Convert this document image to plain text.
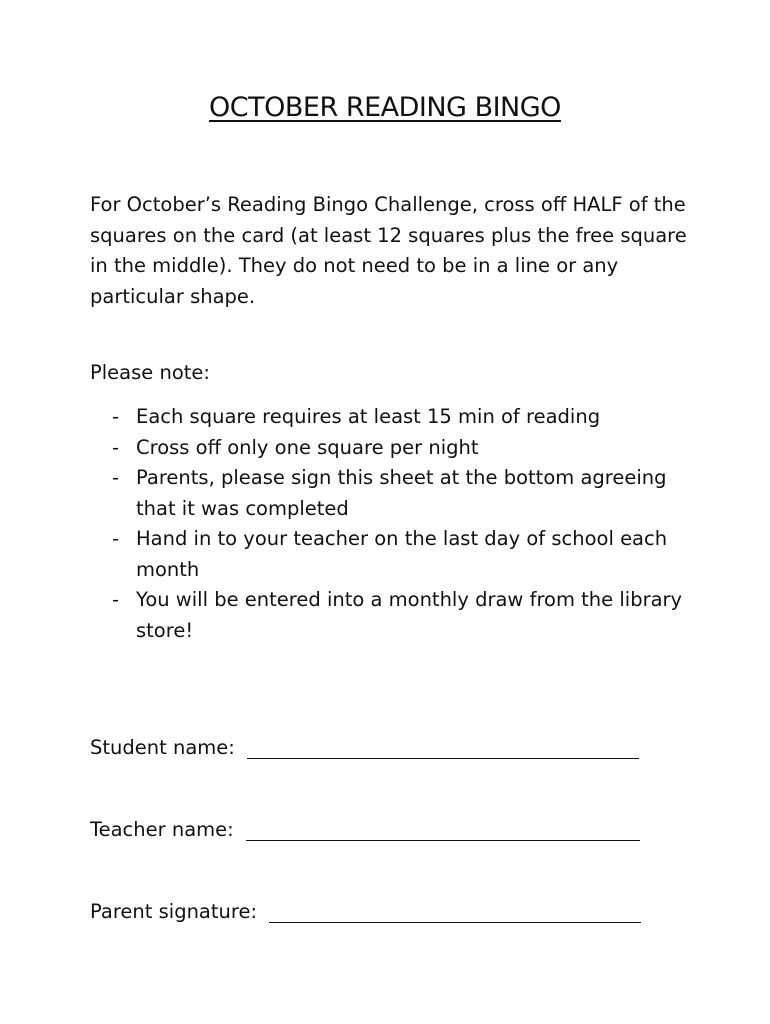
OCTOBER READING BINGO

For October’s Reading Bingo Challenge, cross off HALF of the squares on the card (at least 12 squares plus the free square in the middle). They do not need to be in a line or any particular shape.

Please note:

- Each square requires at least 15 min of reading
- Cross off only one square per night
- Parents, please sign this sheet at the bottom agreeing that it was completed
- Hand in to your teacher on the last day of school each month
- You will be entered into a monthly draw from the library store!
Student name:
Teacher name:
Parent signature:
